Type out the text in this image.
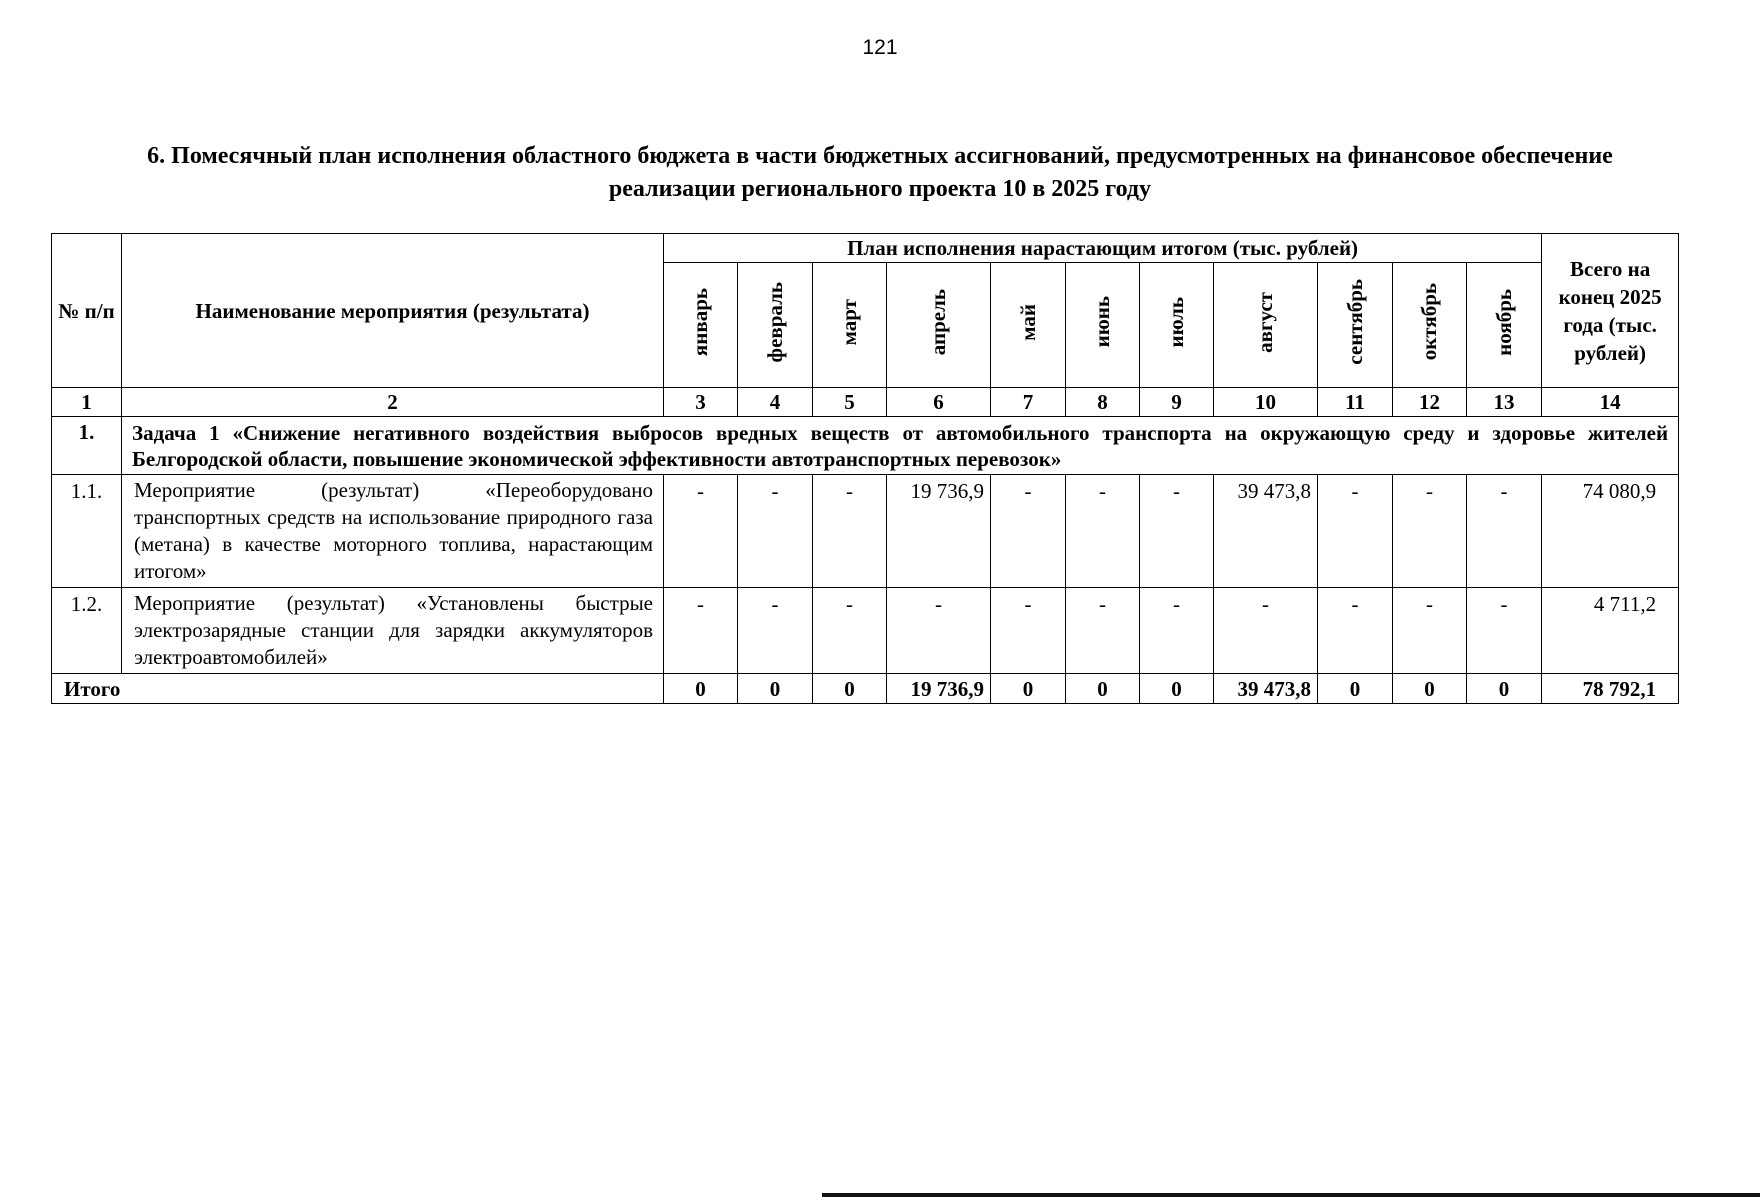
121
6. Помесячный план исполнения областного бюджета в части бюджетных ассигнований, предусмотренных на финансовое обеспечение реализации регионального проекта 10 в 2025 году
№ п/п	Наименование мероприятия (результата)	План исполнения нарастающим итогом (тыс. рублей)											Всего на конец 2025 года (тыс. рублей)
		январь	февраль	март	апрель	май	июнь	июль	август	сентябрь	октябрь	ноябрь	
1	2	3	4	5	6	7	8	9	10	11	12	13	14
1.	Задача 1 «Снижение негативного воздействия выбросов вредных веществ от автомобильного транспорта на окружающую среду и здоровье жителей Белгородской области, повышение экономической эффективности автотранспортных перевозок»												
1.1.	Мероприятие (результат) «Переоборудовано транспортных средств на использование природного газа (метана) в качестве моторного топлива, нарастающим итогом»	-	-	-	19 736,9	-	-	-	39 473,8	-	-	-	74 080,9
1.2.	Мероприятие (результат) «Установлены быстрые электрозарядные станции для зарядки аккумуляторов электроавтомобилей»	-	-	-	-	-	-	-	-	-	-	-	4 711,2
Итого		0	0	0	19 736,9	0	0	0	39 473,8	0	0	0	78 792,1
